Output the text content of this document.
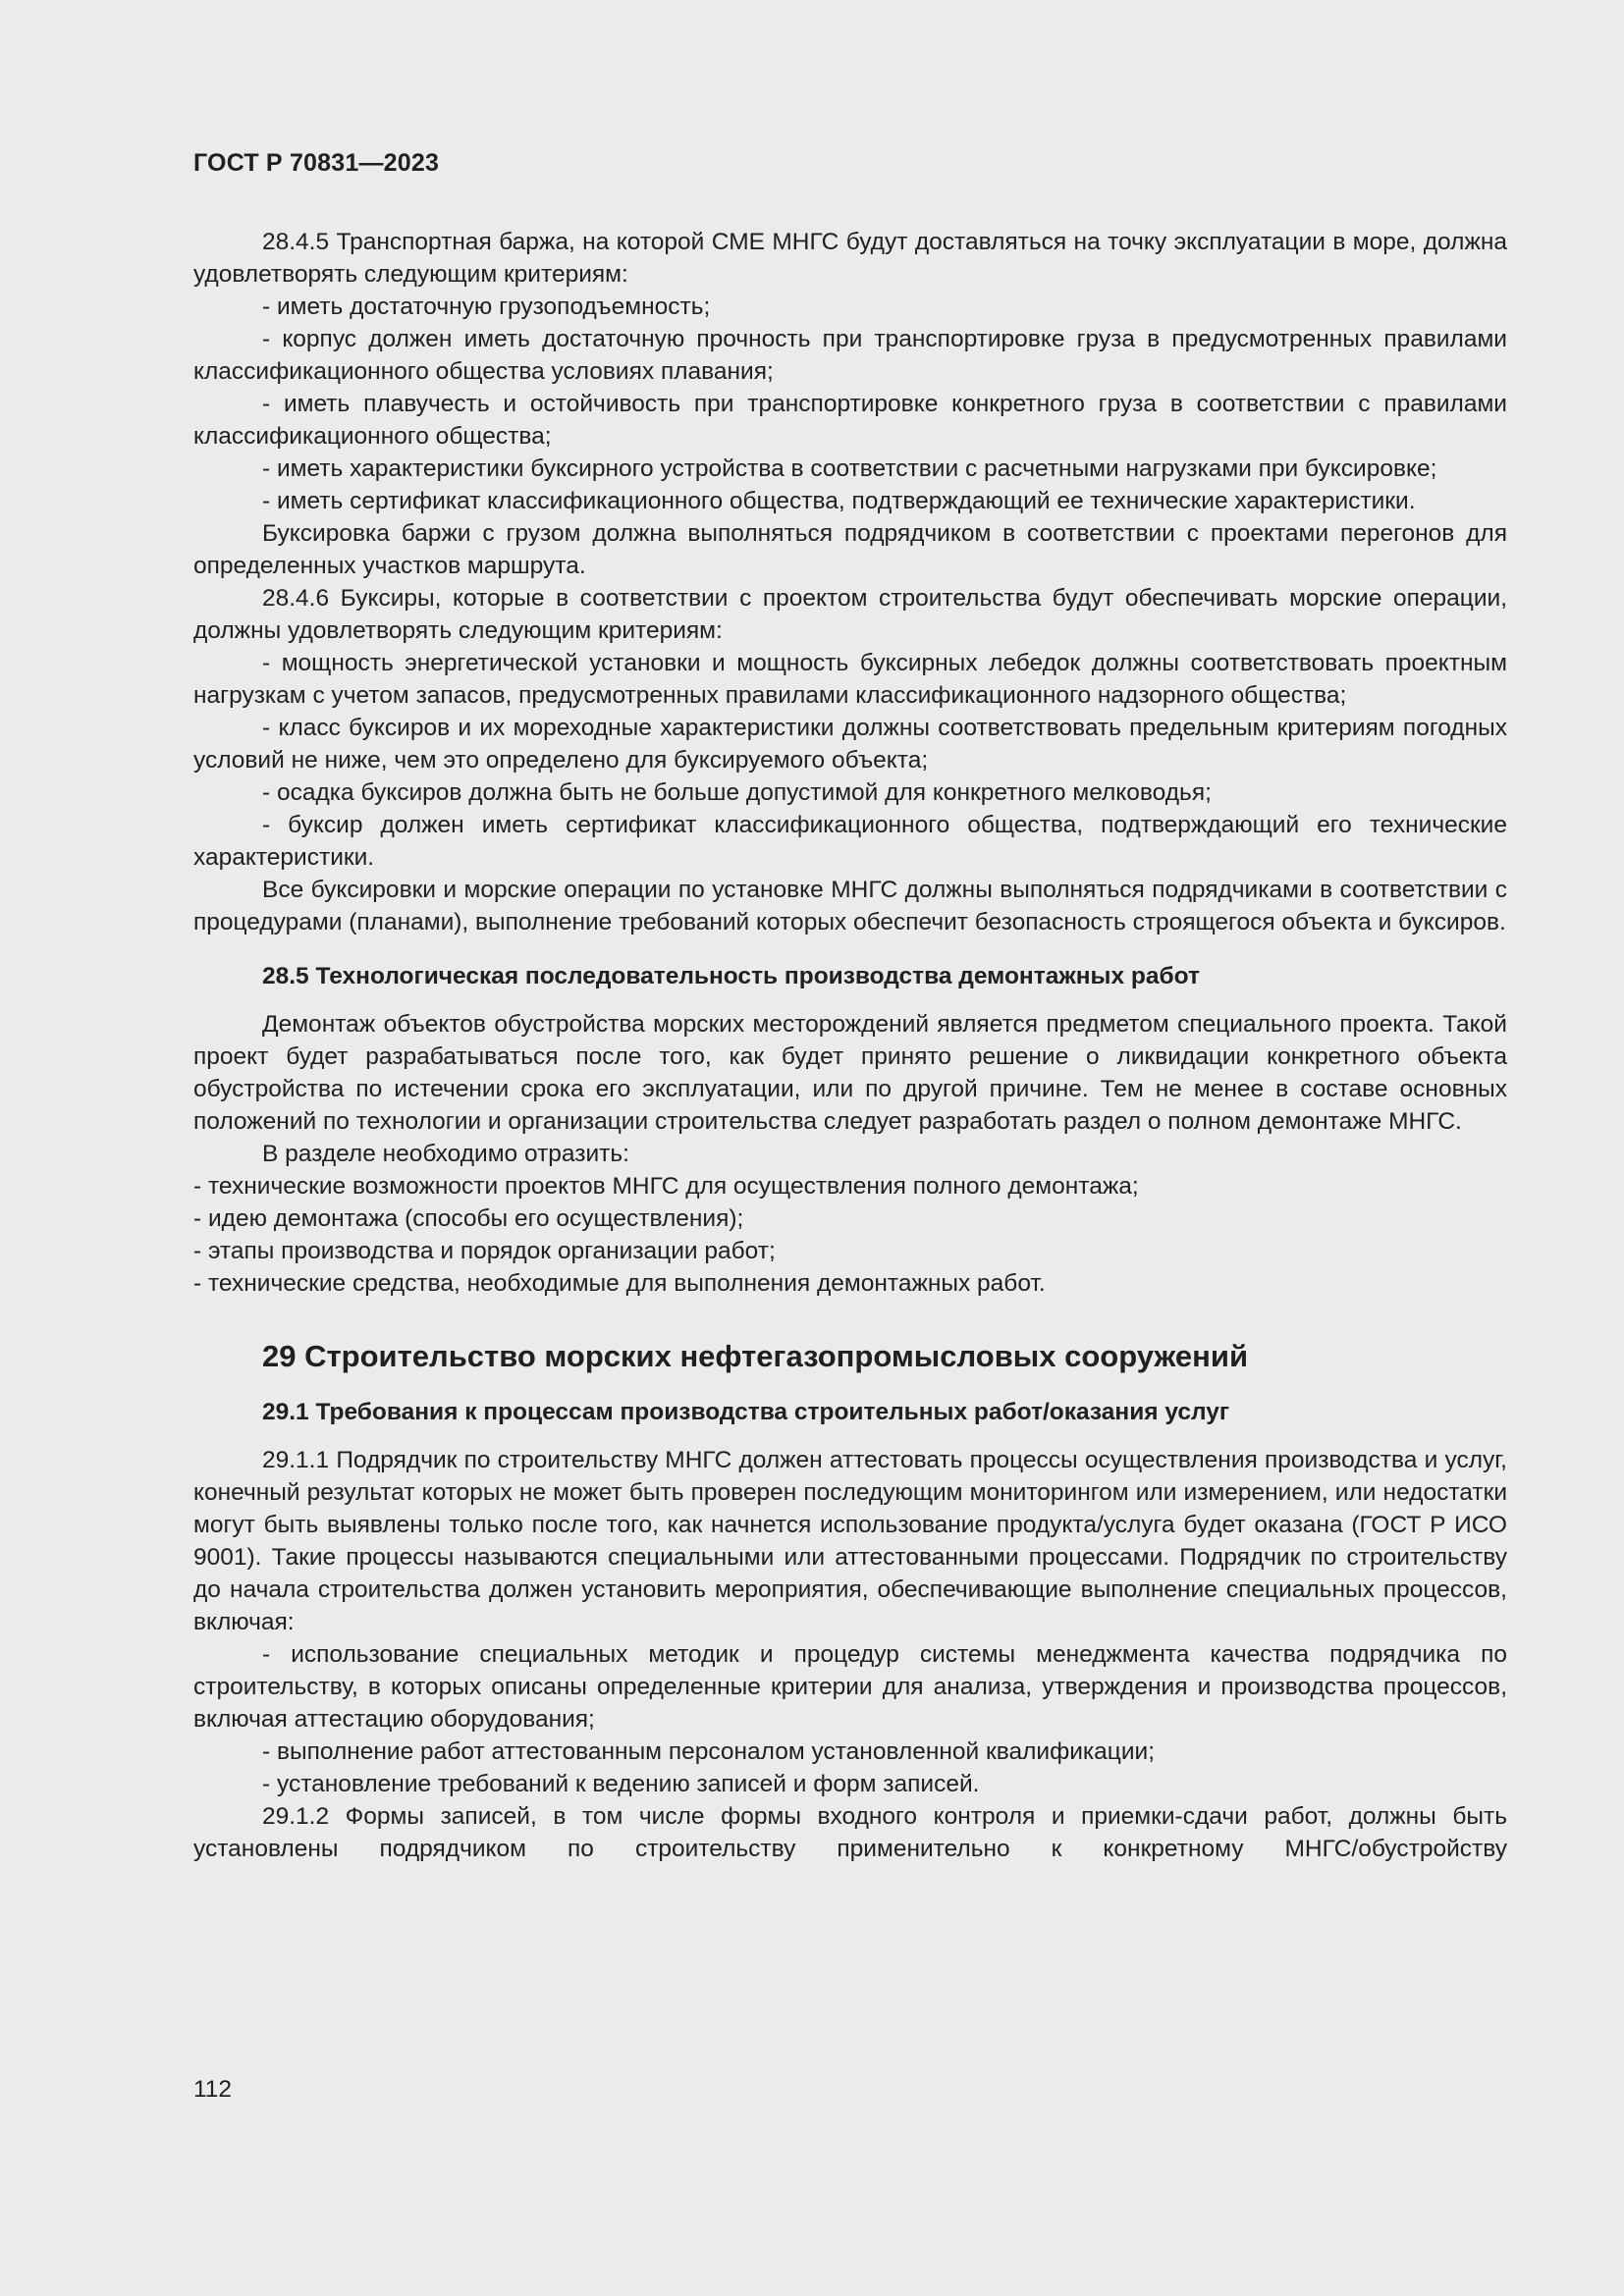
ГОСТ Р 70831—2023

28.4.5 Транспортная баржа, на которой СМЕ МНГС будут доставляться на точку эксплуатации в море, должна удовлетворять следующим критериям:

- иметь достаточную грузоподъемность;

- корпус должен иметь достаточную прочность при транспортировке груза в предусмотренных правилами классификационного общества условиях плавания;

- иметь плавучесть и остойчивость при транспортировке конкретного груза в соответствии с правилами классификационного общества;

- иметь характеристики буксирного устройства в соответствии с расчетными нагрузками при буксировке;

- иметь сертификат классификационного общества, подтверждающий ее технические характеристики.

Буксировка баржи с грузом должна выполняться подрядчиком в соответствии с проектами перегонов для определенных участков маршрута.

28.4.6 Буксиры, которые в соответствии с проектом строительства будут обеспечивать морские операции, должны удовлетворять следующим критериям:

- мощность энергетической установки и мощность буксирных лебедок должны соответствовать проектным нагрузкам с учетом запасов, предусмотренных правилами классификационного надзорного общества;

- класс буксиров и их мореходные характеристики должны соответствовать предельным критериям погодных условий не ниже, чем это определено для буксируемого объекта;

- осадка буксиров должна быть не больше допустимой для конкретного мелководья;

- буксир должен иметь сертификат классификационного общества, подтверждающий его технические характеристики.

Все буксировки и морские операции по установке МНГС должны выполняться подрядчиками в соответствии с процедурами (планами), выполнение требований которых обеспечит безопасность строящегося объекта и буксиров.

28.5 Технологическая последовательность производства демонтажных работ

Демонтаж объектов обустройства морских месторождений является предметом специального проекта. Такой проект будет разрабатываться после того, как будет принято решение о ликвидации конкретного объекта обустройства по истечении срока его эксплуатации, или по другой причине. Тем не менее в составе основных положений по технологии и организации строительства следует разработать раздел о полном демонтаже МНГС.

В разделе необходимо отразить:

- технические возможности проектов МНГС для осуществления полного демонтажа;

- идею демонтажа (способы его осуществления);

- этапы производства и порядок организации работ;

- технические средства, необходимые для выполнения демонтажных работ.

29 Строительство морских нефтегазопромысловых сооружений
29.1 Требования к процессам производства строительных работ/оказания услуг

29.1.1 Подрядчик по строительству МНГС должен аттестовать процессы осуществления производства и услуг, конечный результат которых не может быть проверен последующим мониторингом или измерением, или недостатки могут быть выявлены только после того, как начнется использование продукта/услуга будет оказана (ГОСТ Р ИСО 9001). Такие процессы называются специальными или аттестованными процессами. Подрядчик по строительству до начала строительства должен установить мероприятия, обеспечивающие выполнение специальных процессов, включая:

- использование специальных методик и процедур системы менеджмента качества подрядчика по строительству, в которых описаны определенные критерии для анализа, утверждения и производства процессов, включая аттестацию оборудования;

- выполнение работ аттестованным персоналом установленной квалификации;

- установление требований к ведению записей и форм записей.

29.1.2 Формы записей, в том числе формы входного контроля и приемки-сдачи работ, должны быть установлены подрядчиком по строительству применительно к конкретному МНГС/обустройству

112
